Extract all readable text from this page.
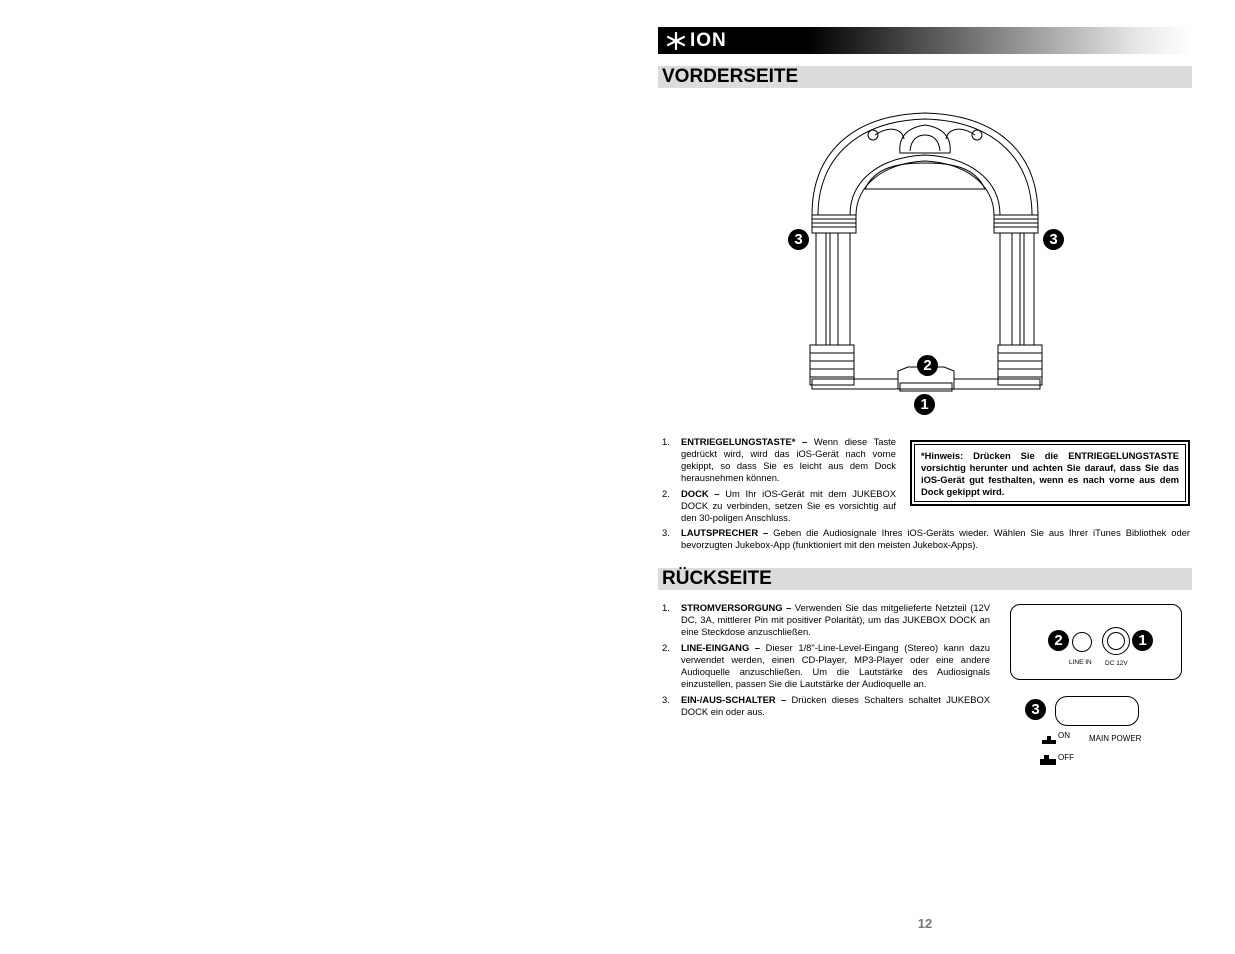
ION
VORDERSEITE
3	3
2
1
1. ENTRIEGELUNGSTASTE* – Wenn diese Taste gedrückt wird, wird das iOS-Gerät nach vorne gekippt, so dass Sie es leicht aus dem Dock herausnehmen können.
2. DOCK – Um Ihr iOS-Gerät mit dem JUKEBOX DOCK zu verbinden, setzen Sie es vorsichtig auf den 30-poligen Anschluss.
3. LAUTSPRECHER – Geben die Audiosignale Ihres iOS-Geräts wieder. Wählen Sie aus Ihrer iTunes Bibliothek oder bevorzugten Jukebox-App (funktioniert mit den meisten Jukebox-Apps).
*Hinweis: Drücken Sie die ENTRIEGELUNGSTASTE vorsichtig herunter und achten Sie darauf, dass Sie das iOS-Gerät gut festhalten, wenn es nach vorne aus dem Dock gekippt wird.
RÜCKSEITE
1. STROMVERSORGUNG – Verwenden Sie das mitgelieferte Netzteil (12V DC, 3A, mittlerer Pin mit positiver Polarität), um das JUKEBOX DOCK an eine Steckdose anzuschließen.
2. LINE-EINGANG – Dieser 1/8"-Line-Level-Eingang (Stereo) kann dazu verwendet werden, einen CD-Player, MP3-Player oder eine andere Audioquelle anzuschließen. Um die Lautstärke des Audiosignals einzustellen, passen Sie die Lautstärke der Audioquelle an.
3. EIN-/AUS-SCHALTER – Drücken dieses Schalters schaltet JUKEBOX DOCK ein oder aus.
2	1
LINE IN DC 12V
3
ON MAIN POWER
OFF
12
